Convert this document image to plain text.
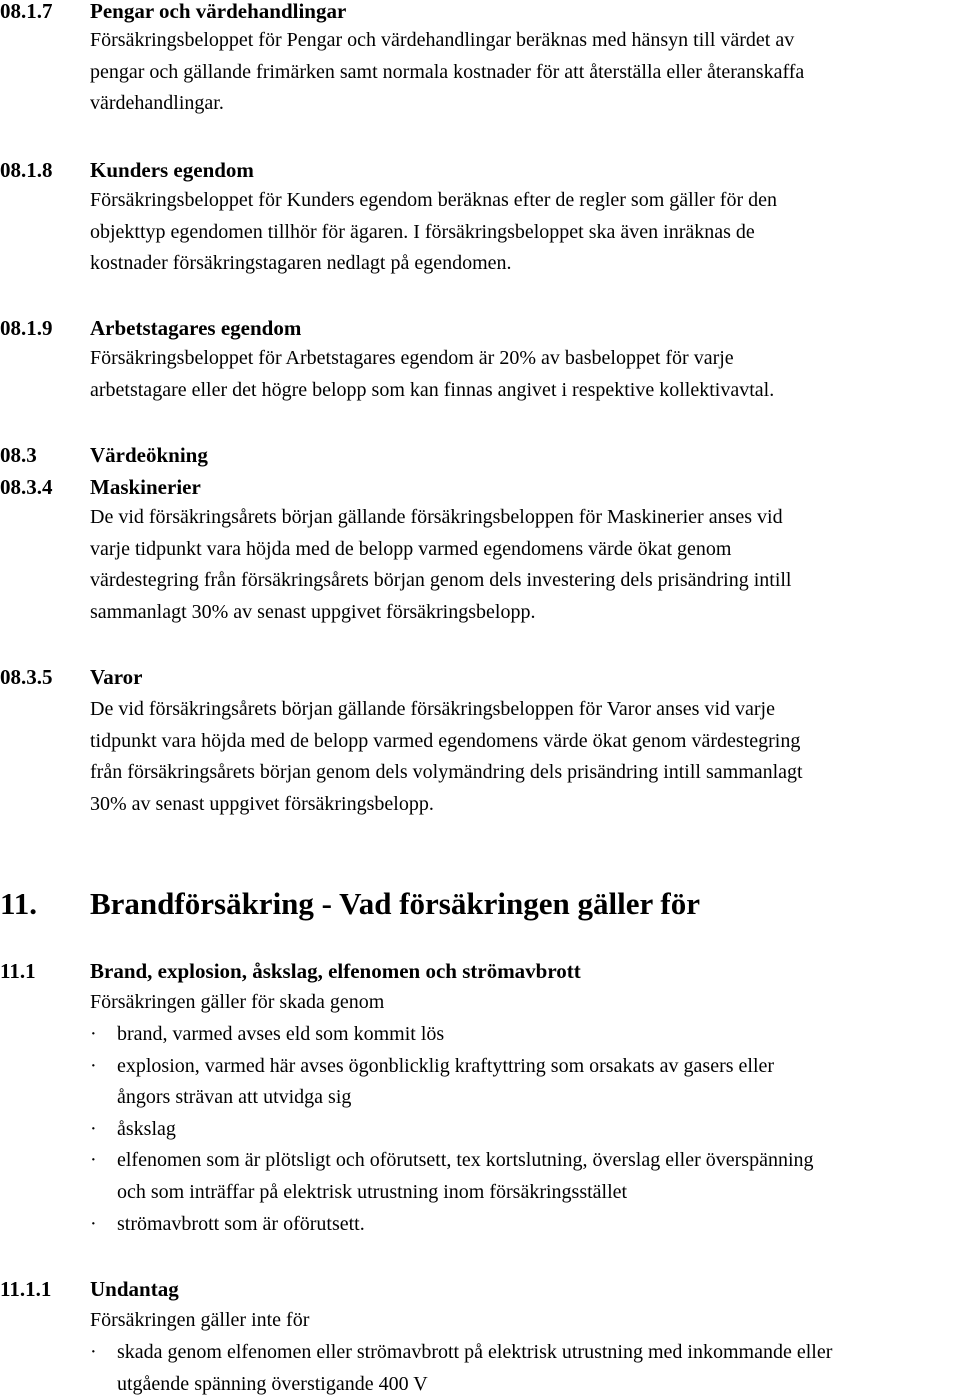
08.1.7 Pengar och värdehandlingar
Försäkringsbeloppet för Pengar och värdehandlingar beräknas med hänsyn till värdet av
pengar och gällande frimärken samt normala kostnader för att återställa eller återanskaffa
värdehandlingar.
08.1.8 Kunders egendom
Försäkringsbeloppet för Kunders egendom beräknas efter de regler som gäller för den
objekttyp egendomen tillhör för ägaren. I försäkringsbeloppet ska även inräknas de
kostnader försäkringstagaren nedlagt på egendomen.
08.1.9 Arbetstagares egendom
Försäkringsbeloppet för Arbetstagares egendom är 20% av basbeloppet för varje
arbetstagare eller det högre belopp som kan finnas angivet i respektive kollektivavtal.
08.3	Värdeökning
08.3.4 Maskinerier
De vid försäkringsårets början gällande försäkringsbeloppen för Maskinerier anses vid
varje tidpunkt vara höjda med de belopp varmed egendomens värde ökat genom
värdestegring från försäkringsårets början genom dels investering dels prisändring intill
sammanlagt 30% av senast uppgivet försäkringsbelopp.
08.3.5 Varor
De vid försäkringsårets början gällande försäkringsbeloppen för Varor anses vid varje
tidpunkt vara höjda med de belopp varmed egendomens värde ökat genom värdestegring
från försäkringsårets början genom dels volymändring dels prisändring intill sammanlagt
30% av senast uppgivet försäkringsbelopp.
11. Brandförsäkring - Vad försäkringen gäller för
11.1	Brand, explosion, åskslag, elfenomen och strömavbrott
Försäkringen gäller för skada genom
·	brand, varmed avses eld som kommit lös
·	explosion, varmed här avses ögonblicklig kraftyttring som orsakats av gasers eller
ångors strävan att utvidga sig
·	åskslag
·	elfenomen som är plötsligt och oförutsett, tex kortslutning, överslag eller överspänning
och som inträffar på elektrisk utrustning inom försäkringsstället
·	strömavbrott som är oförutsett.
11.1.1 Undantag
Försäkringen gäller inte för
·	skada genom elfenomen eller strömavbrott på elektrisk utrustning med inkommande eller
utgående spänning överstigande 400 V
